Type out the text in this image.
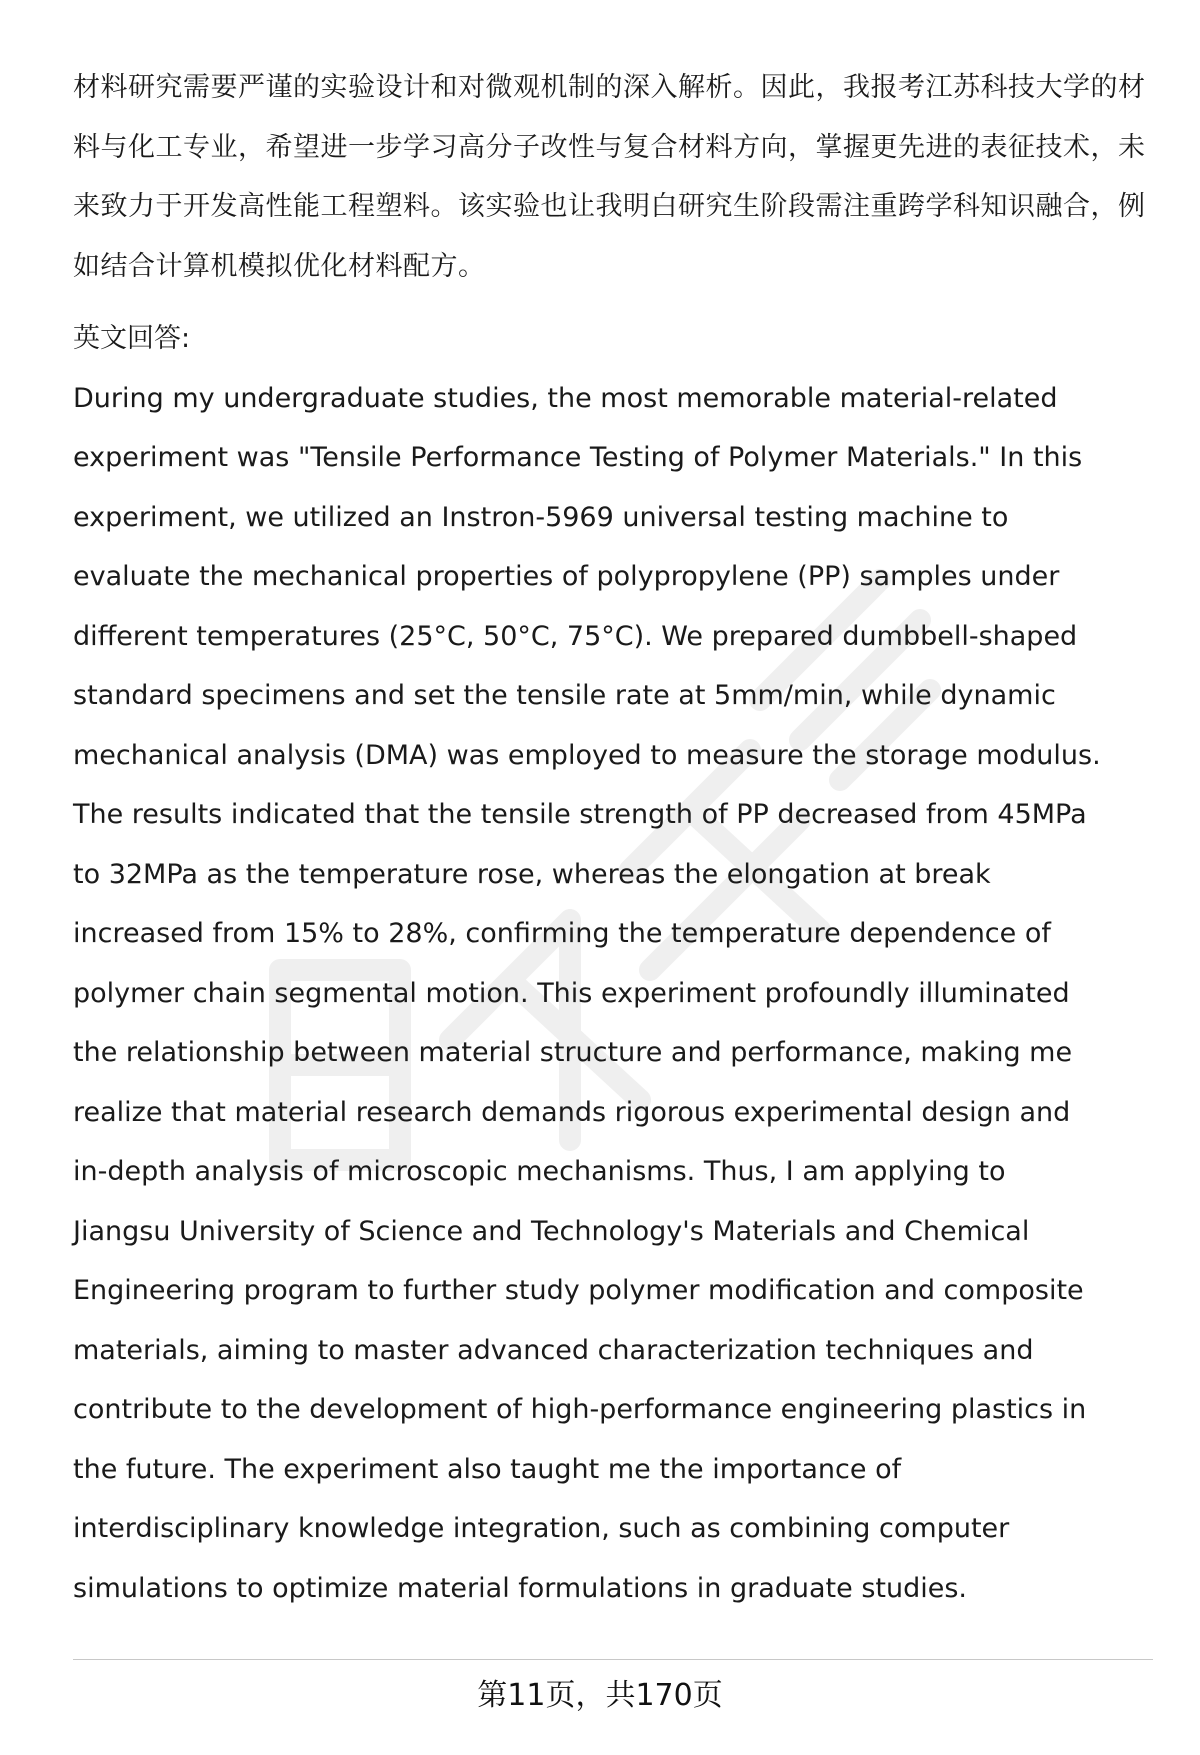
材料研究需要严谨的实验设计和对微观机制的深入解析。因此，我报考江苏科技大学的材料与化工专业，希望进一步学习高分子改性与复合材料方向，掌握更先进的表征技术，未来致力于开发高性能工程塑料。该实验也让我明白研究生阶段需注重跨学科知识融合，例如结合计算机模拟优化材料配方。

英文回答:

During my undergraduate studies, the most memorable material-related
experiment was "Tensile Performance Testing of Polymer Materials." In this
experiment, we utilized an Instron-5969 universal testing machine to
evaluate the mechanical properties of polypropylene (PP) samples under
different temperatures (25°C, 50°C, 75°C). We prepared dumbbell-shaped
standard specimens and set the tensile rate at 5mm/min, while dynamic
mechanical analysis (DMA) was employed to measure the storage modulus.
The results indicated that the tensile strength of PP decreased from 45MPa
to 32MPa as the temperature rose, whereas the elongation at break
increased from 15% to 28%, confirming the temperature dependence of
polymer chain segmental motion. This experiment profoundly illuminated
the relationship between material structure and performance, making me
realize that material research demands rigorous experimental design and
in-depth analysis of microscopic mechanisms. Thus, I am applying to
Jiangsu University of Science and Technology's Materials and Chemical
Engineering program to further study polymer modification and composite
materials, aiming to master advanced characterization techniques and
contribute to the development of high-performance engineering plastics in
the future. The experiment also taught me the importance of
interdisciplinary knowledge integration, such as combining computer
simulations to optimize material formulations in graduate studies.

第11页，共170页
